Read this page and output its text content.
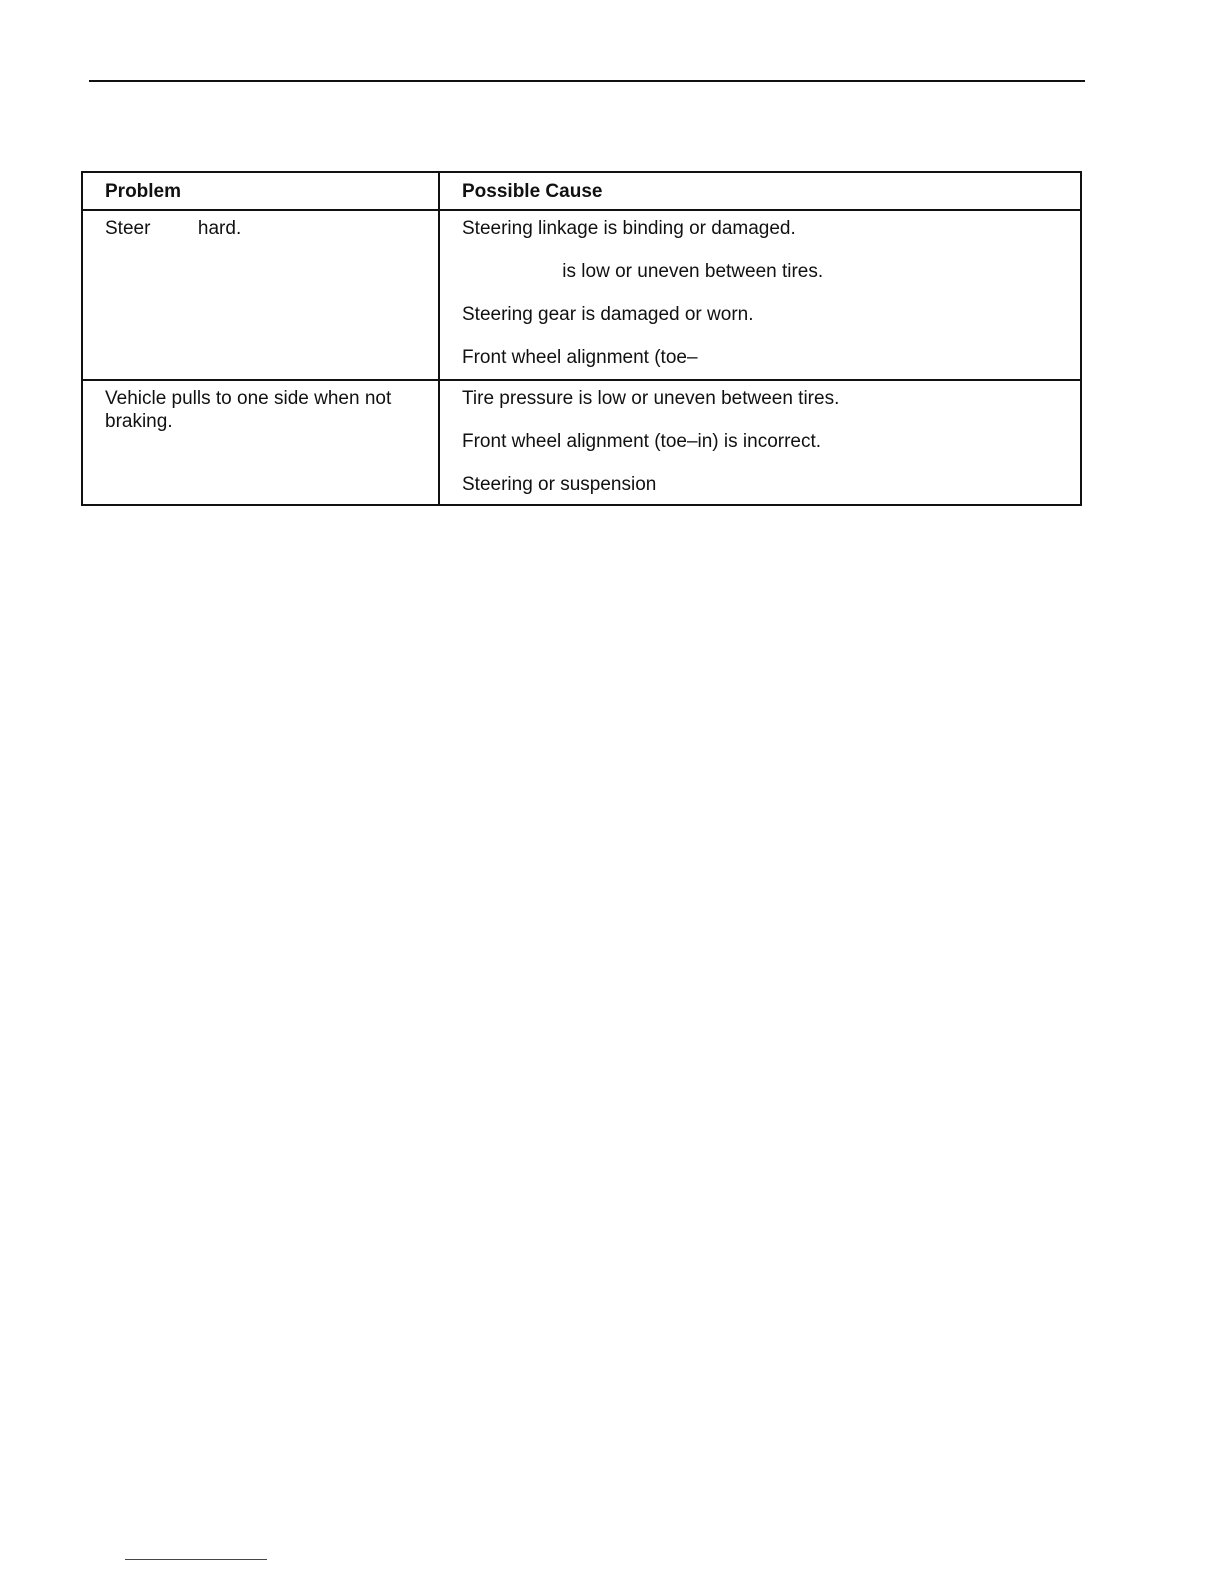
Problem	Possible Cause

Steer         hard.	Steering linkage is binding or damaged.

is low or uneven between tires.

Steering gear is damaged or worn.

Front wheel alignment (toe–

Vehicle pulls to one side when not braking.	Tire pressure is low or uneven between tires.

Front wheel alignment (toe–in) is incorrect.

Steering or suspension
